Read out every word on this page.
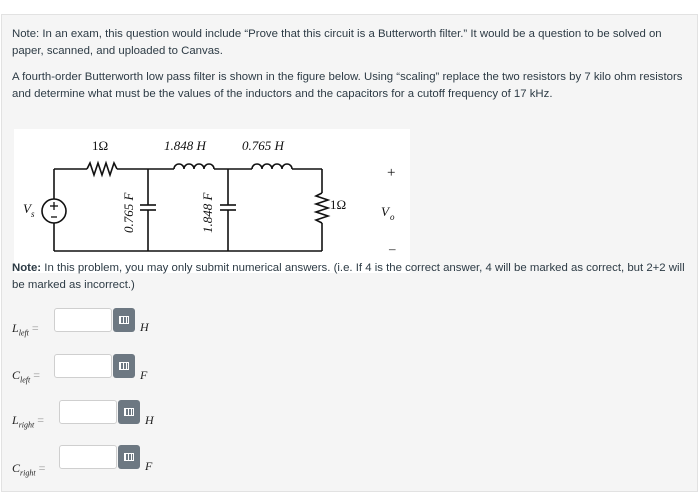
Note: In an exam, this question would include “Prove that this circuit is a Butterworth filter.” It would be a question to be solved on paper, scanned, and uploaded to Canvas.
A fourth-order Butterworth low pass filter is shown in the figure below. Using “scaling” replace the two resistors by 7 kilo ohm resistors and determine what must be the values of the inductors and the capacitors for a cutoff frequency of 17 kHz.
1Ω	1.848 H	0.765 H
0.765 F	1.848 F	1Ω
V s
+
V o
–
Note: In this problem, you may only submit numerical answers. (i.e. If 4 is the correct answer, 4 will be marked as correct, but 2+2 will be marked as incorrect.)
$L_{left}$ =	H
$C_{left}$ =	F
$L_{right}$ =	H
$C_{right}$ =	F
